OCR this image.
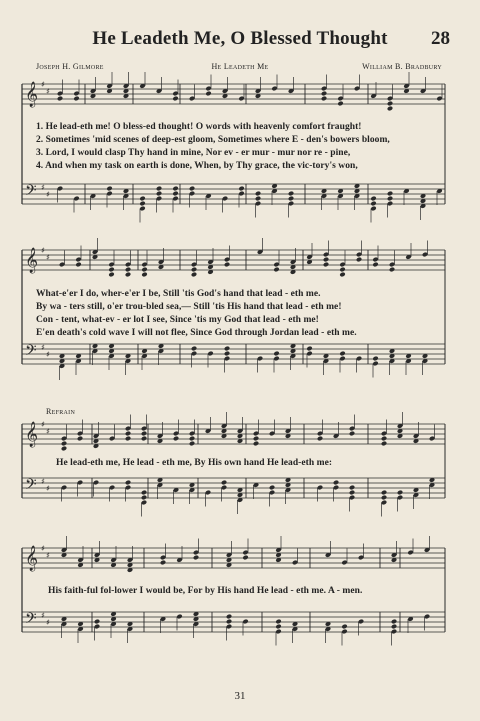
He Leadeth Me, O Blessed Thought	28
Joseph H. Gilmore	He Leadeth Me	William B. Bradbury
𝄞
𝄢
♯
♯
♯
♯
1. He lead-eth me! O bless-ed thought! O words with heavenly comfort fraught!
2. Sometimes 'mid scenes of deep-est gloom, Sometimes where E - den's bowers bloom,
3. Lord, I would clasp Thy hand in mine, Nor ev - er mur - mur nor re - pine,
4. And when my task on earth is done, When, by Thy grace, the vic-tory's won,
𝄞
𝄢
♯
♯
♯
♯
What-e'er I do, wher-e'er I be, Still 'tis God's hand that lead - eth me.
By wa - ters still, o'er trou-bled sea,— Still 'tis His hand that lead - eth me!
Con - tent, what-ev - er lot I see, Since 'tis my God that lead - eth me!
E'en death's cold wave I will not flee, Since God through Jordan lead - eth me.
Refrain
𝄞
𝄢
♯
♯
♯
♯
He lead-eth me, He lead - eth me, By His own hand He lead-eth me:
𝄞
𝄢
♯
♯
♯
♯
His faith-ful fol-lower I would be, For by His hand He lead - eth me. A - men.
31
